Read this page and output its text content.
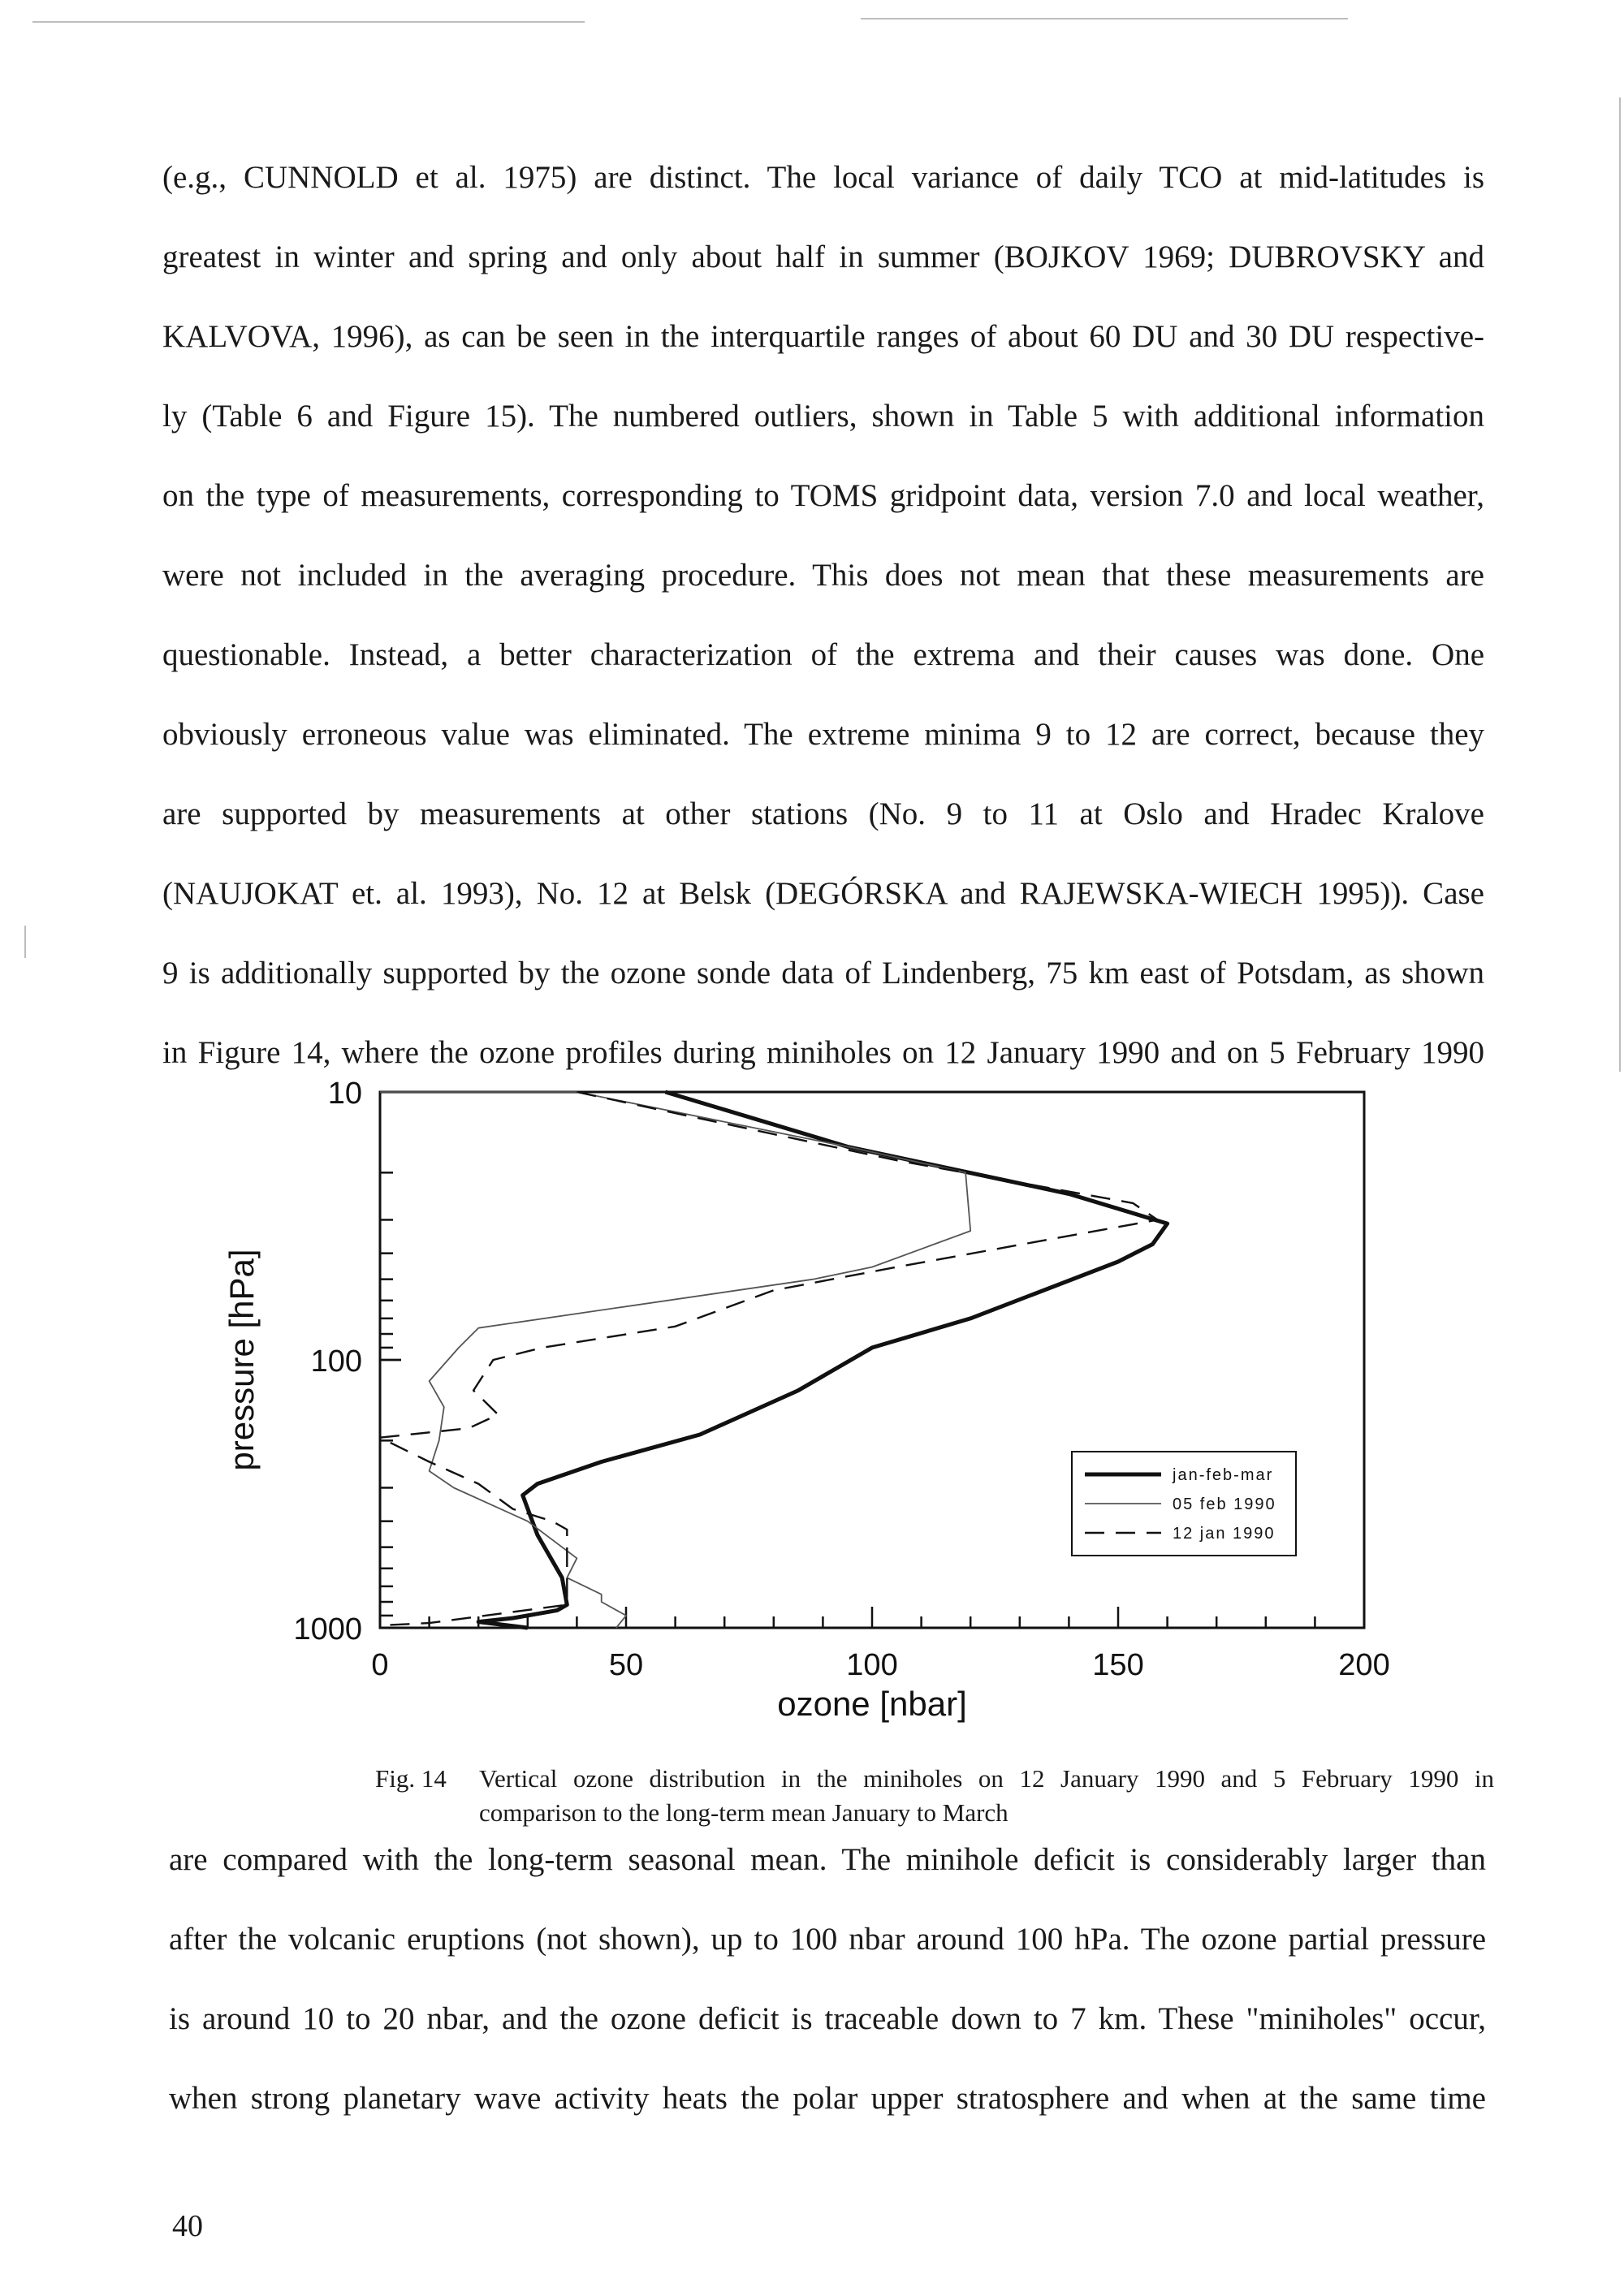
(e.g., CUNNOLD et al. 1975) are distinct. The local variance of daily TCO at mid-latitudes is
greatest in winter and spring and only about half in summer (BOJKOV 1969; DUBROVSKY and
KALVOVA, 1996), as can be seen in the interquartile ranges of about 60 DU and 30 DU respective-
ly (Table 6 and Figure 15). The numbered outliers, shown in Table 5 with additional information
on the type of measurements, corresponding to TOMS gridpoint data, version 7.0 and local weather,
were not included in the averaging procedure. This does not mean that these measurements are
questionable. Instead, a better characterization of the extrema and their causes was done. One
obviously erroneous value was eliminated. The extreme minima 9 to 12 are correct, because they
are supported by measurements at other stations (No. 9 to 11 at Oslo and Hradec Kralove
(NAUJOKAT et. al. 1993), No. 12 at Belsk (DEGÓRSKA and RAJEWSKA-WIECH 1995)). Case
9 is additionally supported by the ozone sonde data of Lindenberg, 75 km east of Potsdam, as shown
in Figure 14, where the ozone profiles during miniholes on 12 January 1990 and on 5 February 1990
0	50	100	150	200
10
100
1000
ozone [nbar]
pressure [hPa]
jan-feb-mar
05 feb 1990
12 jan 1990
Fig. 14 Vertical ozone distribution in the miniholes on 12 January 1990 and 5 February 1990 in
comparison to the long-term mean January to March
are compared with the long-term seasonal mean. The minihole deficit is considerably larger than
after the volcanic eruptions (not shown), up to 100 nbar around 100 hPa. The ozone partial pressure
is around 10 to 20 nbar, and the ozone deficit is traceable down to 7 km. These "miniholes" occur,
when strong planetary wave activity heats the polar upper stratosphere and when at the same time
40
